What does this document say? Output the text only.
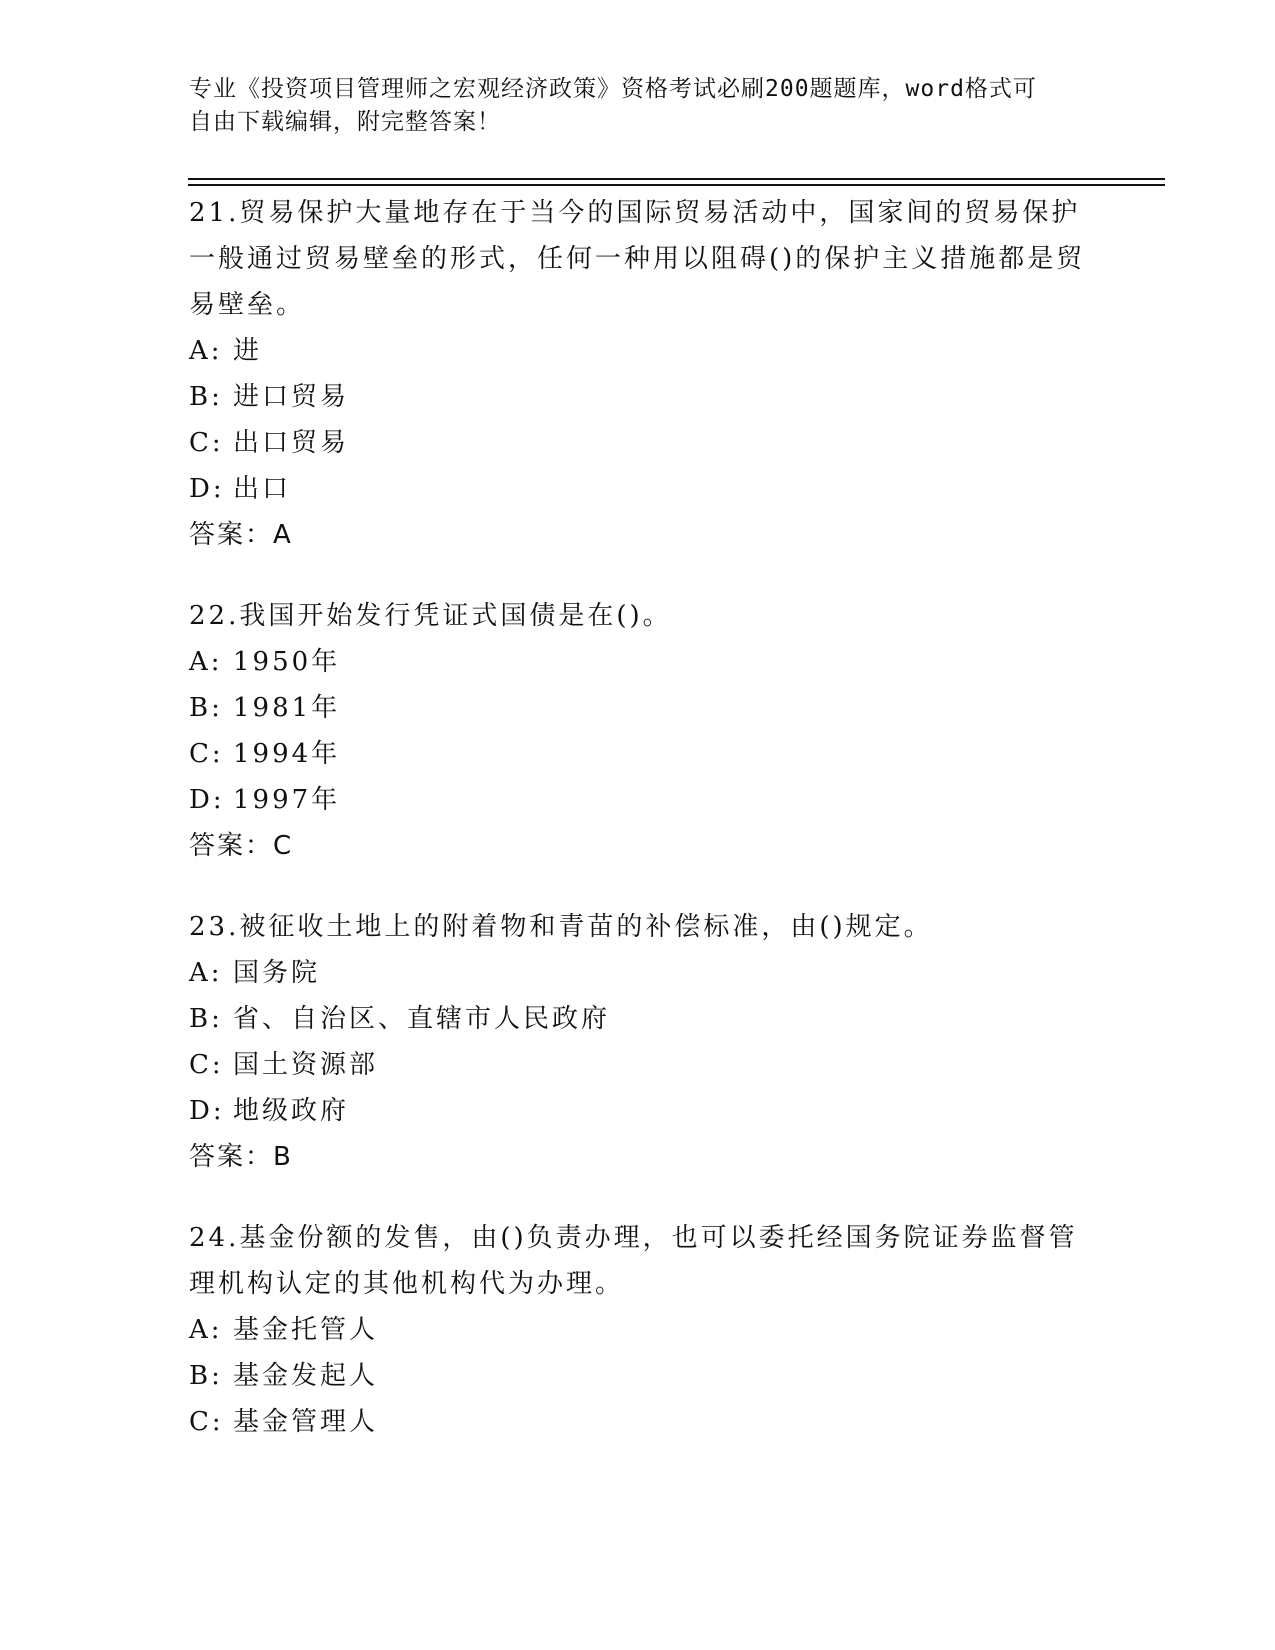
专业《投资项目管理师之宏观经济政策》资格考试必刷200题题库，word格式可
自由下载编辑，附完整答案！
21.贸易保护大量地存在于当今的国际贸易活动中，国家间的贸易保护一般通过贸易壁垒的形式，任何一种用以阻碍()的保护主义措施都是贸易壁垒。
A: 进
B: 进口贸易
C: 出口贸易
D: 出口
答案：A
22.我国开始发行凭证式国债是在()。
A: 1950年
B: 1981年
C: 1994年
D: 1997年
答案：C
23.被征收土地上的附着物和青苗的补偿标准，由()规定。
A: 国务院
B: 省、自治区、直辖市人民政府
C: 国土资源部
D: 地级政府
答案：B
24.基金份额的发售，由()负责办理，也可以委托经国务院证券监督管理机构认定的其他机构代为办理。
A: 基金托管人
B: 基金发起人
C: 基金管理人
